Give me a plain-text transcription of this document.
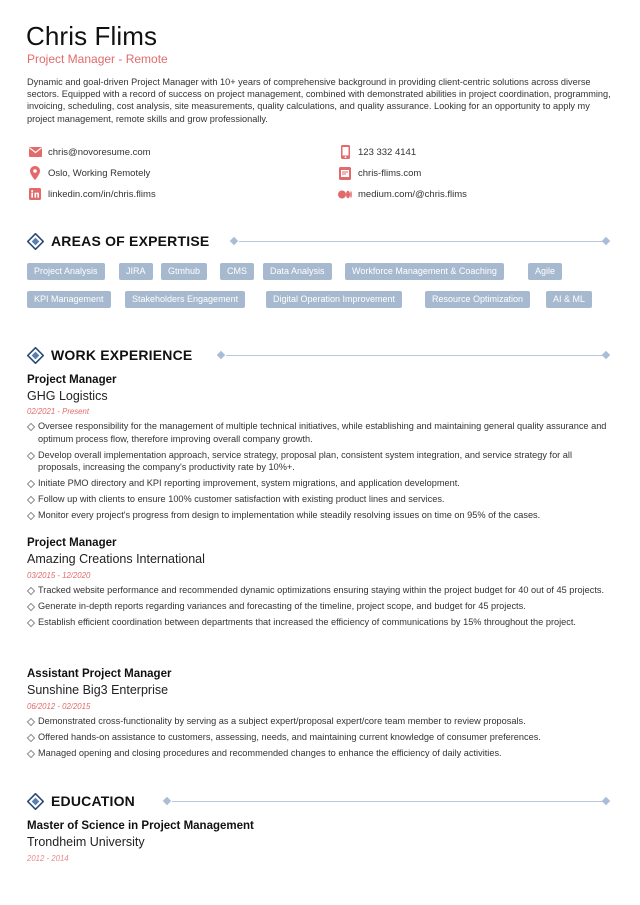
Chris Flims
Project Manager - Remote
Dynamic and goal-driven Project Manager with 10+ years of comprehensive background in providing client-centric solutions across diverse sectors. Equipped with a record of success on project management, combined with demonstrated abilities in project coordination, programming, invoicing, scheduling, cost analysis, site measurements, quality calculations, and quality assurance. Looking for an opportunity to apply my project management, remote skills and grow professionally.
chris@novoresume.com	123 332 4141
Oslo, Working Remotely	chris-flims.com
linkedin.com/in/chris.flims	medium.com/@chris.flims
AREAS OF EXPERTISE
Project Analysis	JIRA	Gtmhub	CMS	Data Analysis	Workforce Management & Coaching	Agile
KPI Management	Stakeholders Engagement	Digital Operation Improvement	Resource Optimization	AI & ML
WORK EXPERIENCE
Project Manager
GHG Logistics
02/2021 - Present
Oversee responsibility for the management of multiple technical initiatives, while establishing and maintaining general quality assurance and optimum process flow, therefore improving overall company growth.
Develop overall implementation approach, service strategy, proposal plan, consistent system integration, and service strategy for all proposals, increasing the company's productivity rate by 10%+.
Initiate PMO directory and KPI reporting improvement, system migrations, and application development.
Follow up with clients to ensure 100% customer satisfaction with existing product lines and services.
Monitor every project's progress from design to implementation while steadily resolving issues on time on 95% of the cases.
Project Manager
Amazing Creations International
03/2015 - 12/2020
Tracked website performance and recommended dynamic optimizations ensuring staying within the project budget for 40 out of 45 projects.
Generate in-depth reports regarding variances and forecasting of the timeline, project scope, and budget for 45 projects.
Establish efficient coordination between departments that increased the efficiency of communications by 15% throughout the project.
Assistant Project Manager
Sunshine Big3 Enterprise
06/2012 - 02/2015
Demonstrated cross-functionality by serving as a subject expert/proposal expert/core team member to review proposals.
Offered hands-on assistance to customers, assessing, needs, and maintaining current knowledge of consumer preferences.
Managed opening and closing procedures and recommended changes to enhance the efficiency of daily activities.
EDUCATION
Master of Science in Project Management
Trondheim University
2012 - 2014
